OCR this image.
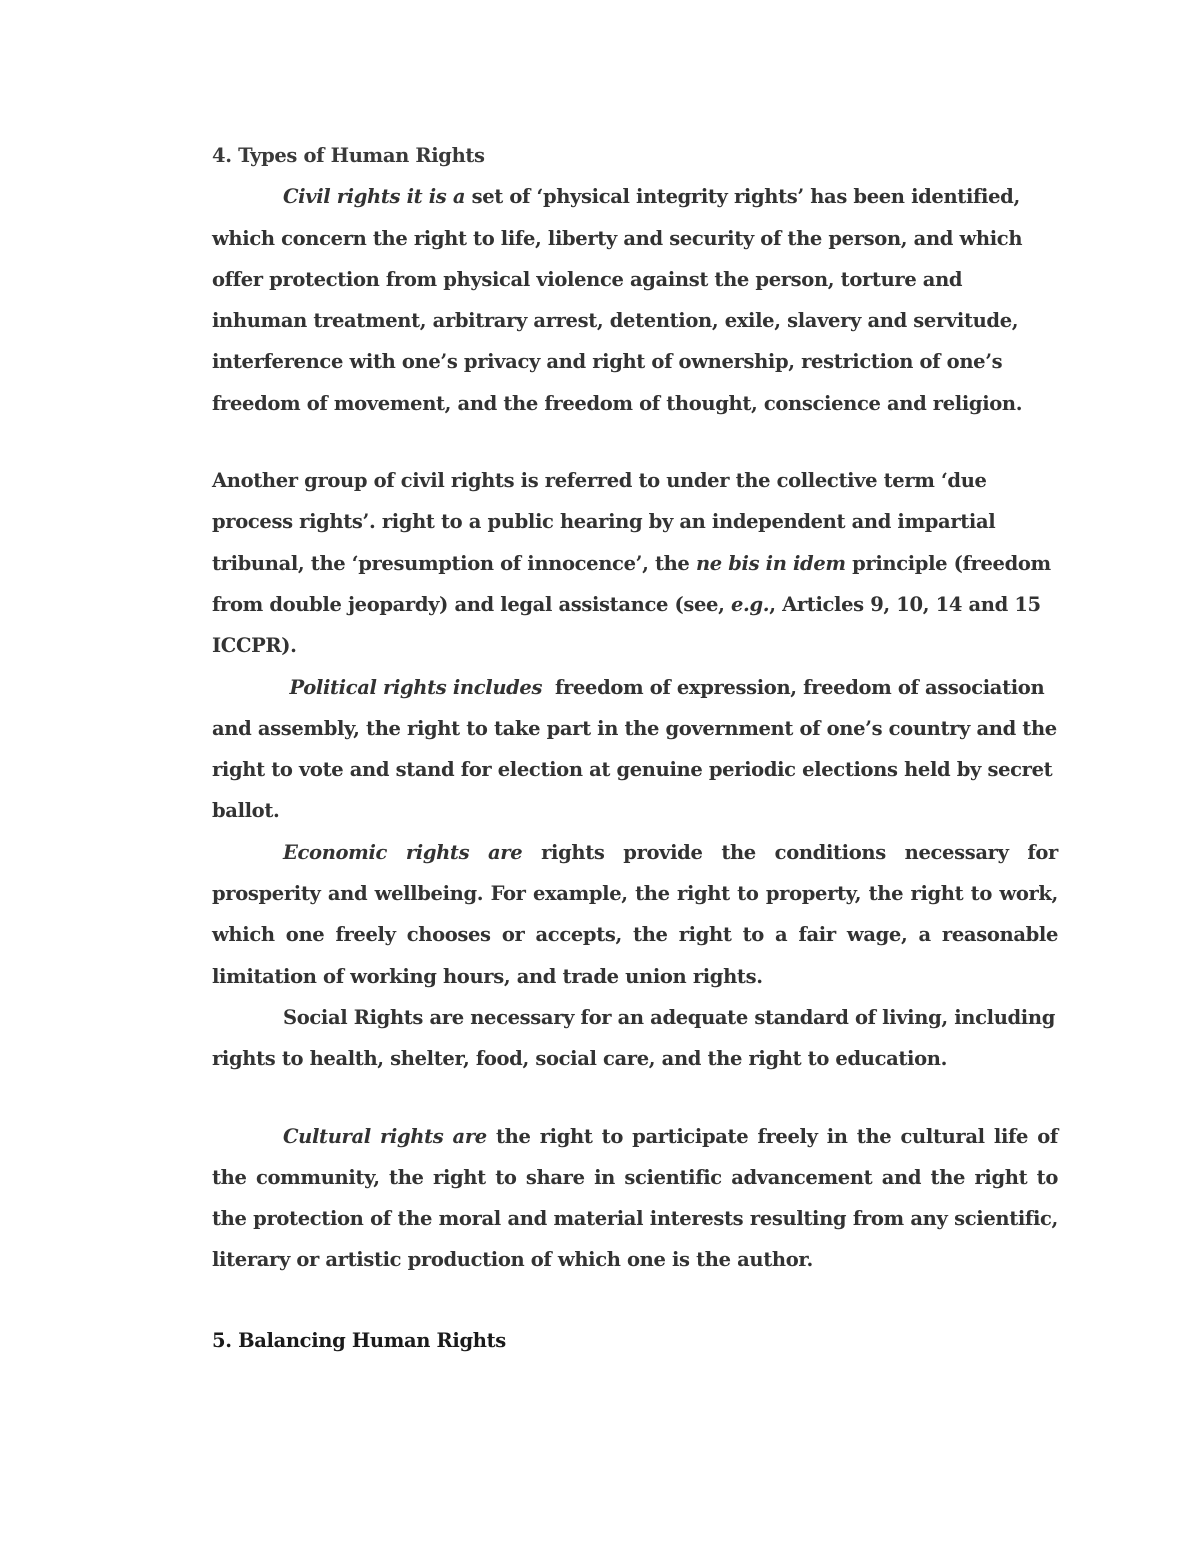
4. Types of Human Rights

Civil rights it is a set of ‘physical integrity rights’ has been identified, which concern the right to life, liberty and security of the person, and which offer protection from physical violence against the person, torture and inhuman treatment, arbitrary arrest, detention, exile, slavery and servitude, interference with one’s privacy and right of ownership, restriction of one’s freedom of movement, and the freedom of thought, conscience and religion.

Another group of civil rights is referred to under the collective term ‘due process rights’. right to a public hearing by an independent and impartial tribunal, the ‘presumption of innocence’, the ne bis in idem principle (freedom from double jeopardy) and legal assistance (see, e.g., Articles 9, 10, 14 and 15 ICCPR).

Political rights includes  freedom of expression, freedom of association and assembly, the right to take part in the government of one’s country and the right to vote and stand for election at genuine periodic elections held by secret ballot.

Economic rights are rights provide the conditions necessary for prosperity and wellbeing. For example, the right to property, the right to work, which one freely chooses or accepts, the right to a fair wage, a reasonable limitation of working hours, and trade union rights.

Social Rights are necessary for an adequate standard of living, including rights to health, shelter, food, social care, and the right to education.

Cultural rights are the right to participate freely in the cultural life of the community, the right to share in scientific advancement and the right to the protection of the moral and material interests resulting from any scientific, literary or artistic production of which one is the author.

5. Balancing Human Rights
